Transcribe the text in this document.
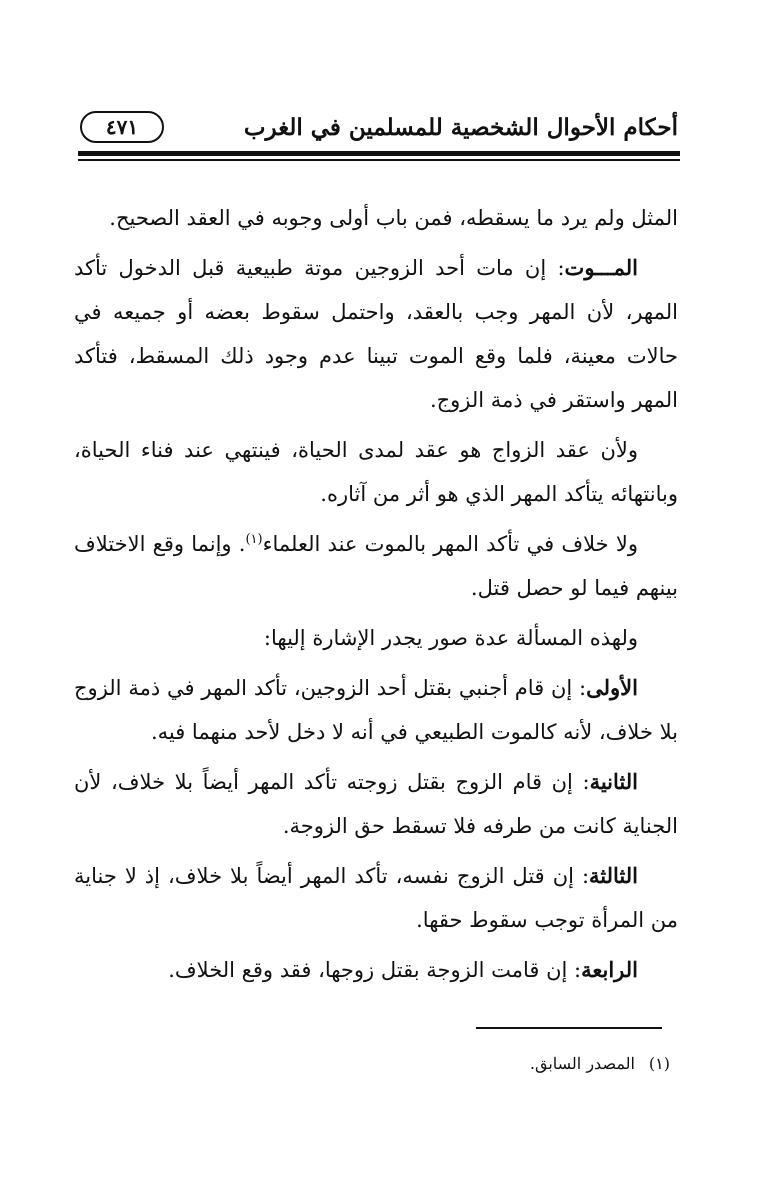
أحكام الأحوال الشخصية للمسلمين في الغرب
٤٧١

المثل ولم يرد ما يسقطه، فمن باب أولى وجوبه في العقد الصحيح.

المـــوت: إن مات أحد الزوجين موتة طبيعية قبل الدخول تأكد المهر، لأن المهر وجب بالعقد، واحتمل سقوط بعضه أو جميعه في حالات معينة، فلما وقع الموت تبينا عدم وجود ذلك المسقط، فتأكد المهر واستقر في ذمة الزوج.

ولأن عقد الزواج هو عقد لمدى الحياة، فينتهي عند فناء الحياة، وبانتهائه يتأكد المهر الذي هو أثر من آثاره.

ولا خلاف في تأكد المهر بالموت عند العلماء$^{(١)}$. وإنما وقع الاختلاف بينهم فيما لو حصل قتل.

ولهذه المسألة عدة صور يجدر الإشارة إليها:

الأولى: إن قام أجنبي بقتل أحد الزوجين، تأكد المهر في ذمة الزوج بلا خلاف، لأنه كالموت الطبيعي في أنه لا دخل لأحد منهما فيه.

الثانية: إن قام الزوج بقتل زوجته تأكد المهر أيضاً بلا خلاف، لأن الجناية كانت من طرفه فلا تسقط حق الزوجة.

الثالثة: إن قتل الزوج نفسه، تأكد المهر أيضاً بلا خلاف، إذ لا جناية من المرأة توجب سقوط حقها.

الرابعة: إن قامت الزوجة بقتل زوجها، فقد وقع الخلاف.

(١)المصدر السابق.
